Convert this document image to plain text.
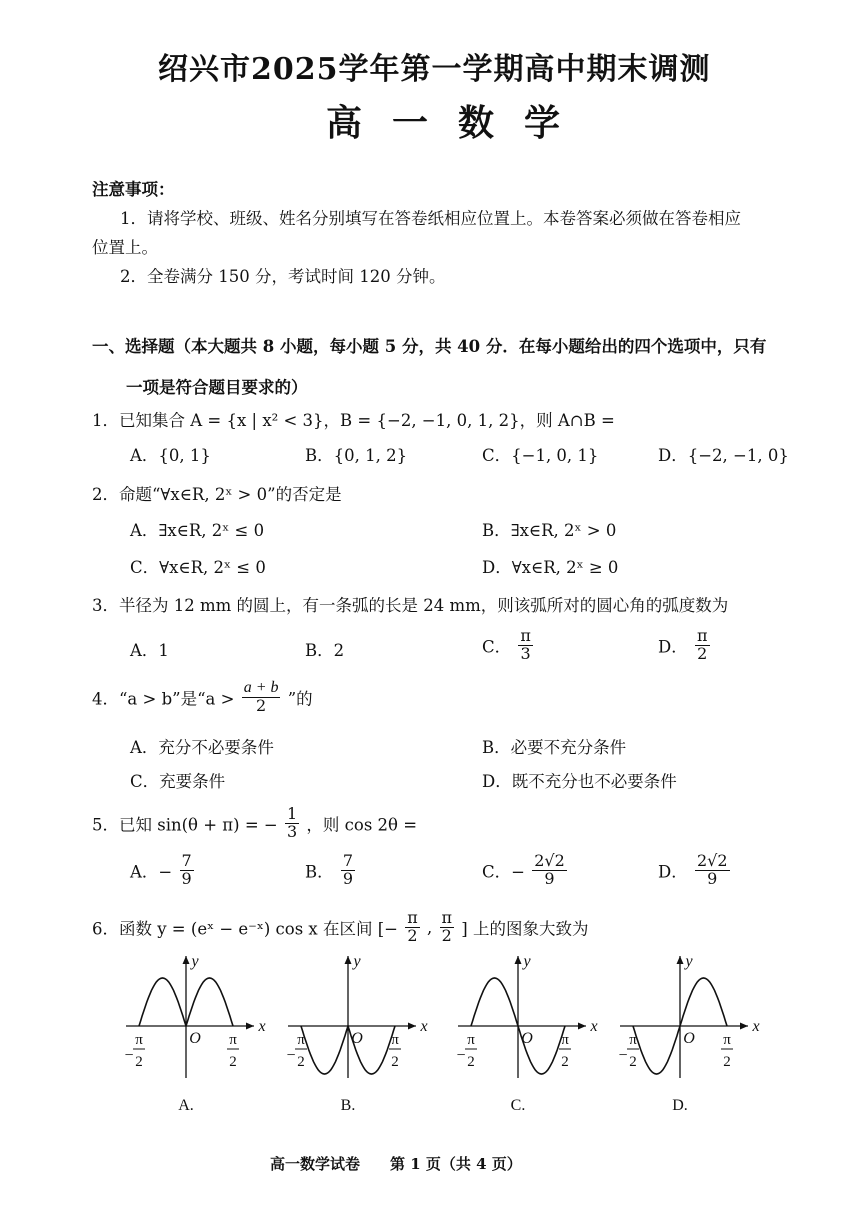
绍兴市2025学年第一学期高中期末调测
高一数学
注意事项：
1．请将学校、班级、姓名分别填写在答卷纸相应位置上。本卷答案必须做在答卷相应
位置上。
2．全卷满分 150 分，考试时间 120 分钟。
一、选择题（本大题共 8 小题，每小题 5 分，共 40 分．在每小题给出的四个选项中，只有
一项是符合题目要求的）
1．已知集合 A = {x | x² < 3}，B = {−2, −1, 0, 1, 2}，则 A∩B =
A．{0, 1}	B．{0, 1, 2}	C．{−1, 0, 1}	D．{−2, −1, 0}
2．命题“∀x∈R, 2ˣ > 0”的否定是
A．∃x∈R, 2ˣ ≤ 0	B．∃x∈R, 2ˣ > 0
C．∀x∈R, 2ˣ ≤ 0	D．∀x∈R, 2ˣ ≥ 0
3．半径为 12 mm 的圆上，有一条弧的长是 24 mm，则该弧所对的圆心角的弧度数为
A．1	B．2	C． $\frac{\pi}{3}$	D． $\frac{\pi}{2}$
4．“a > b”是“$a > \frac{a + b}{2}$ ”的
A．充分不必要条件	B．必要不充分条件
C．充要条件	D．既不充分也不必要条件
5．已知 sin(θ + π) = − $\frac{1}{3}$ ，则 cos 2θ =
A．− $\frac{7}{9}$	B． $\frac{7}{9}$	C．− $\frac{2√2}{9}$	D． $\frac{2√2}{9}$
6．函数 y = (eˣ − e⁻ˣ) cos x 在区间 [− $\frac{\pi}{2}$ , $\frac{\pi}{2}$ ] 上的图象大致为
x
y
O
−
π
2
π
2
A.
x
y
O
−
π
2
π
2
B.
x
y
O
−
π
2
π
2
C.
x
y
O
−
π
2
π
2
D.
高一数学试卷　　第 1 页（共 4 页）
